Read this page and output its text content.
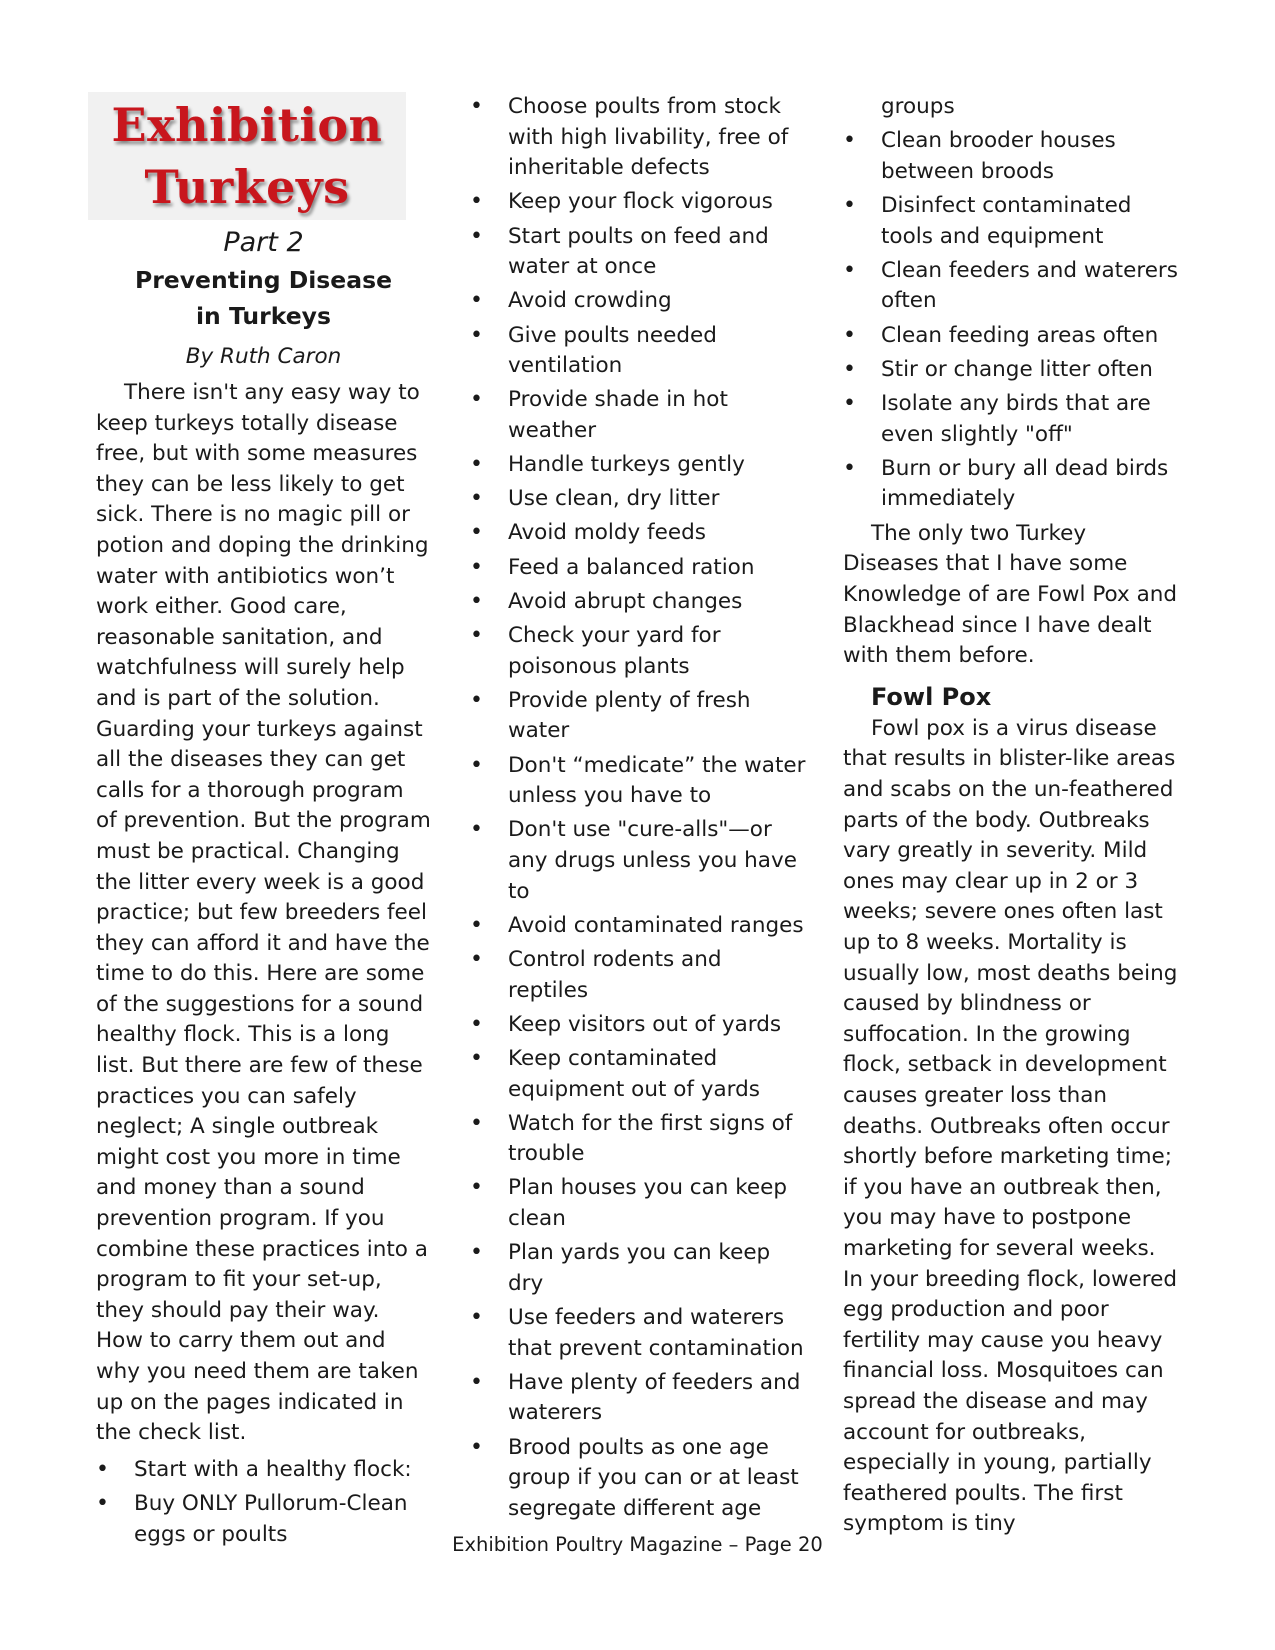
Exhibition
Turkeys
Part 2
Preventing Disease
in Turkeys
By Ruth Caron

There isn't any easy way to keep turkeys totally disease free, but with some measures they can be less likely to get sick. There is no magic pill or potion and doping the drinking water with antibiotics won’t work either. Good care, reasonable sanitation, and watchfulness will surely help and is part of the solution. Guarding your turkeys against all the diseases they can get calls for a thorough program of prevention. But the program must be practical. Changing the litter every week is a good practice; but few breeders feel they can afford it and have the time to do this. Here are some of the suggestions for a sound healthy flock. This is a long list. But there are few of these practices you can safely neglect; A single outbreak might cost you more in time and money than a sound prevention program. If you combine these practices into a program to fit your set-up, they should pay their way. How to carry them out and why you need them are taken up on the pages indicated in the check list.

• Start with a healthy flock:
• Buy ONLY Pullorum-Clean eggs or poults
• Choose poults from stock with high livability, free of inheritable defects
• Keep your flock vigorous
• Start poults on feed and water at once
• Avoid crowding
• Give poults needed ventilation
• Provide shade in hot weather
• Handle turkeys gently
• Use clean, dry litter
• Avoid moldy feeds
• Feed a balanced ration
• Avoid abrupt changes
• Check your yard for poisonous plants
• Provide plenty of fresh water
• Don't “medicate” the water unless you have to
• Don't use "cure-alls"—or any drugs unless you have to
• Avoid contaminated ranges
• Control rodents and reptiles
• Keep visitors out of yards
• Keep contaminated equipment out of yards
• Watch for the first signs of trouble
• Plan houses you can keep clean
• Plan yards you can keep dry
• Use feeders and waterers that prevent contamination
• Have plenty of feeders and waterers
• Brood poults as one age group if you can or at least segregate different age
groups
• Clean brooder houses between broods
• Disinfect contaminated tools and equipment
• Clean feeders and waterers often
• Clean feeding areas often
• Stir or change litter often
• Isolate any birds that are even slightly "off"
• Burn or bury all dead birds immediately

The only two Turkey Diseases that I have some Knowledge of are Fowl Pox and Blackhead since I have dealt with them before.

Fowl Pox

Fowl pox is a virus disease that results in blister-like areas and scabs on the un-feathered parts of the body. Outbreaks vary greatly in severity. Mild ones may clear up in 2 or 3 weeks; severe ones often last up to 8 weeks. Mortality is usually low, most deaths being caused by blindness or suffocation. In the growing flock, setback in development causes greater loss than deaths. Outbreaks often occur shortly before marketing time; if you have an outbreak then, you may have to postpone marketing for several weeks. In your breeding flock, lowered egg production and poor fertility may cause you heavy financial loss. Mosquitoes can spread the disease and may account for outbreaks, especially in young, partially feathered poults. The first symptom is tiny

Exhibition Poultry Magazine – Page 20
